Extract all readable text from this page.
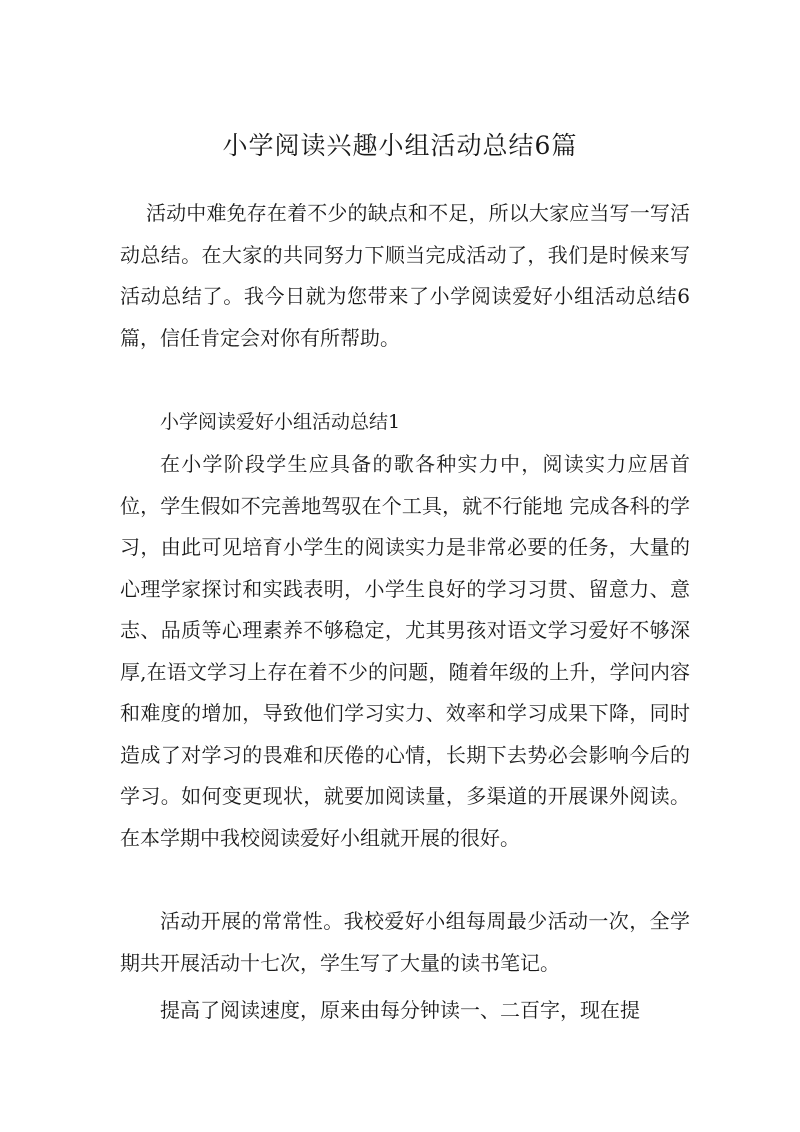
小学阅读兴趣小组活动总结6篇

活动中难免存在着不少的缺点和不足，所以大家应当写一写活动总结。在大家的共同努力下顺当完成活动了，我们是时候来写活动总结了。我今日就为您带来了小学阅读爱好小组活动总结6篇，信任肯定会对你有所帮助。

小学阅读爱好小组活动总结1

在小学阶段学生应具备的歌各种实力中，阅读实力应居首位，学生假如不完善地驾驭在个工具，就不行能地 完成各科的学习，由此可见培育小学生的阅读实力是非常必要的任务，大量的心理学家探讨和实践表明，小学生良好的学习习贯、留意力、意志、品质等心理素养不够稳定，尤其男孩对语文学习爱好不够深厚,在语文学习上存在着不少的问题，随着年级的上升，学问内容和难度的增加，导致他们学习实力、效率和学习成果下降，同时造成了对学习的畏难和厌倦的心情，长期下去势必会影响今后的学习。如何变更现状，就要加阅读量，多渠道的开展课外阅读。在本学期中我校阅读爱好小组就开展的很好。

活动开展的常常性。我校爱好小组每周最少活动一次，全学期共开展活动十七次，学生写了大量的读书笔记。

提高了阅读速度，原来由每分钟读一、二百字，现在提
